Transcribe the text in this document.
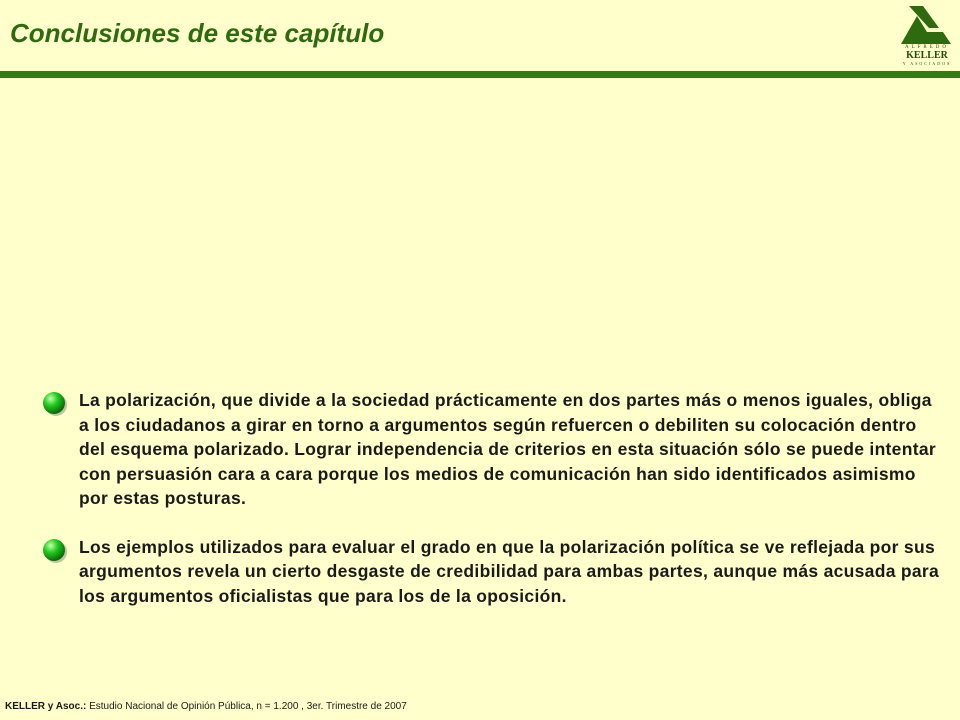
Conclusiones de este capítulo	ALFREDO
KELLER
Y ASOCIADOS
La polarización, que divide a la sociedad prácticamente en dos partes más o menos iguales, obliga a los ciudadanos a girar en torno a argumentos según refuercen o debiliten su colocación dentro del esquema polarizado. Lograr independencia de criterios en esta situación sólo se puede intentar con persuasión cara a cara porque los medios de comunicación han sido identificados asimismo por estas posturas.
Los ejemplos utilizados para evaluar el grado en que la polarización política se ve reflejada por sus argumentos revela un cierto desgaste de credibilidad para ambas partes, aunque más acusada para los argumentos oficialistas que para los de la oposición.
KELLER y Asoc.: Estudio Nacional de Opinión Pública, n = 1.200 , 3er. Trimestre de 2007
